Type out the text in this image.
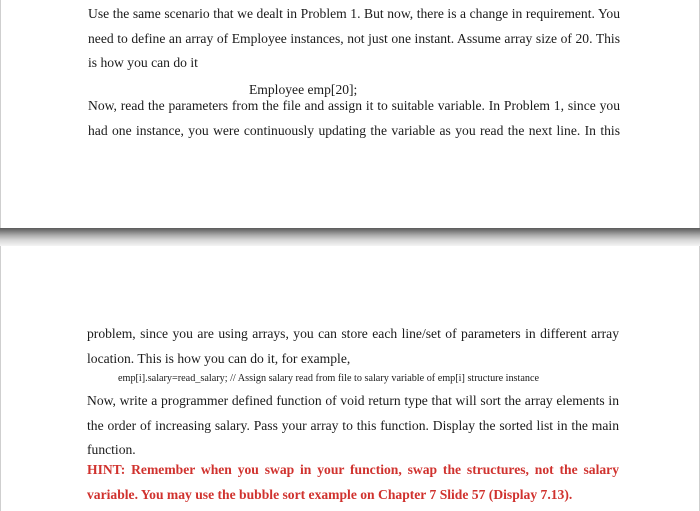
Use the same scenario that we dealt in Problem 1. But now, there is a change in requirement. You
need to define an array of Employee instances, not just one instant. Assume array size of 20. This
is how you can do it

Employee emp[20];

Now, read the parameters from the file and assign it to suitable variable. In Problem 1, since you
had one instance, you were continuously updating the variable as you read the next line. In this
problem, since you are using arrays, you can store each line/set of parameters in different array
location. This is how you can do it, for example,

emp[i].salary=read_salary; // Assign salary read from file to salary variable of emp[i] structure instance

Now, write a programmer defined function of void return type that will sort the array elements in
the order of increasing salary. Pass your array to this function. Display the sorted list in the main
function.
HINT: Remember when you swap in your function, swap the structures, not the salary
variable. You may use the bubble sort example on Chapter 7 Slide 57 (Display 7.13).
